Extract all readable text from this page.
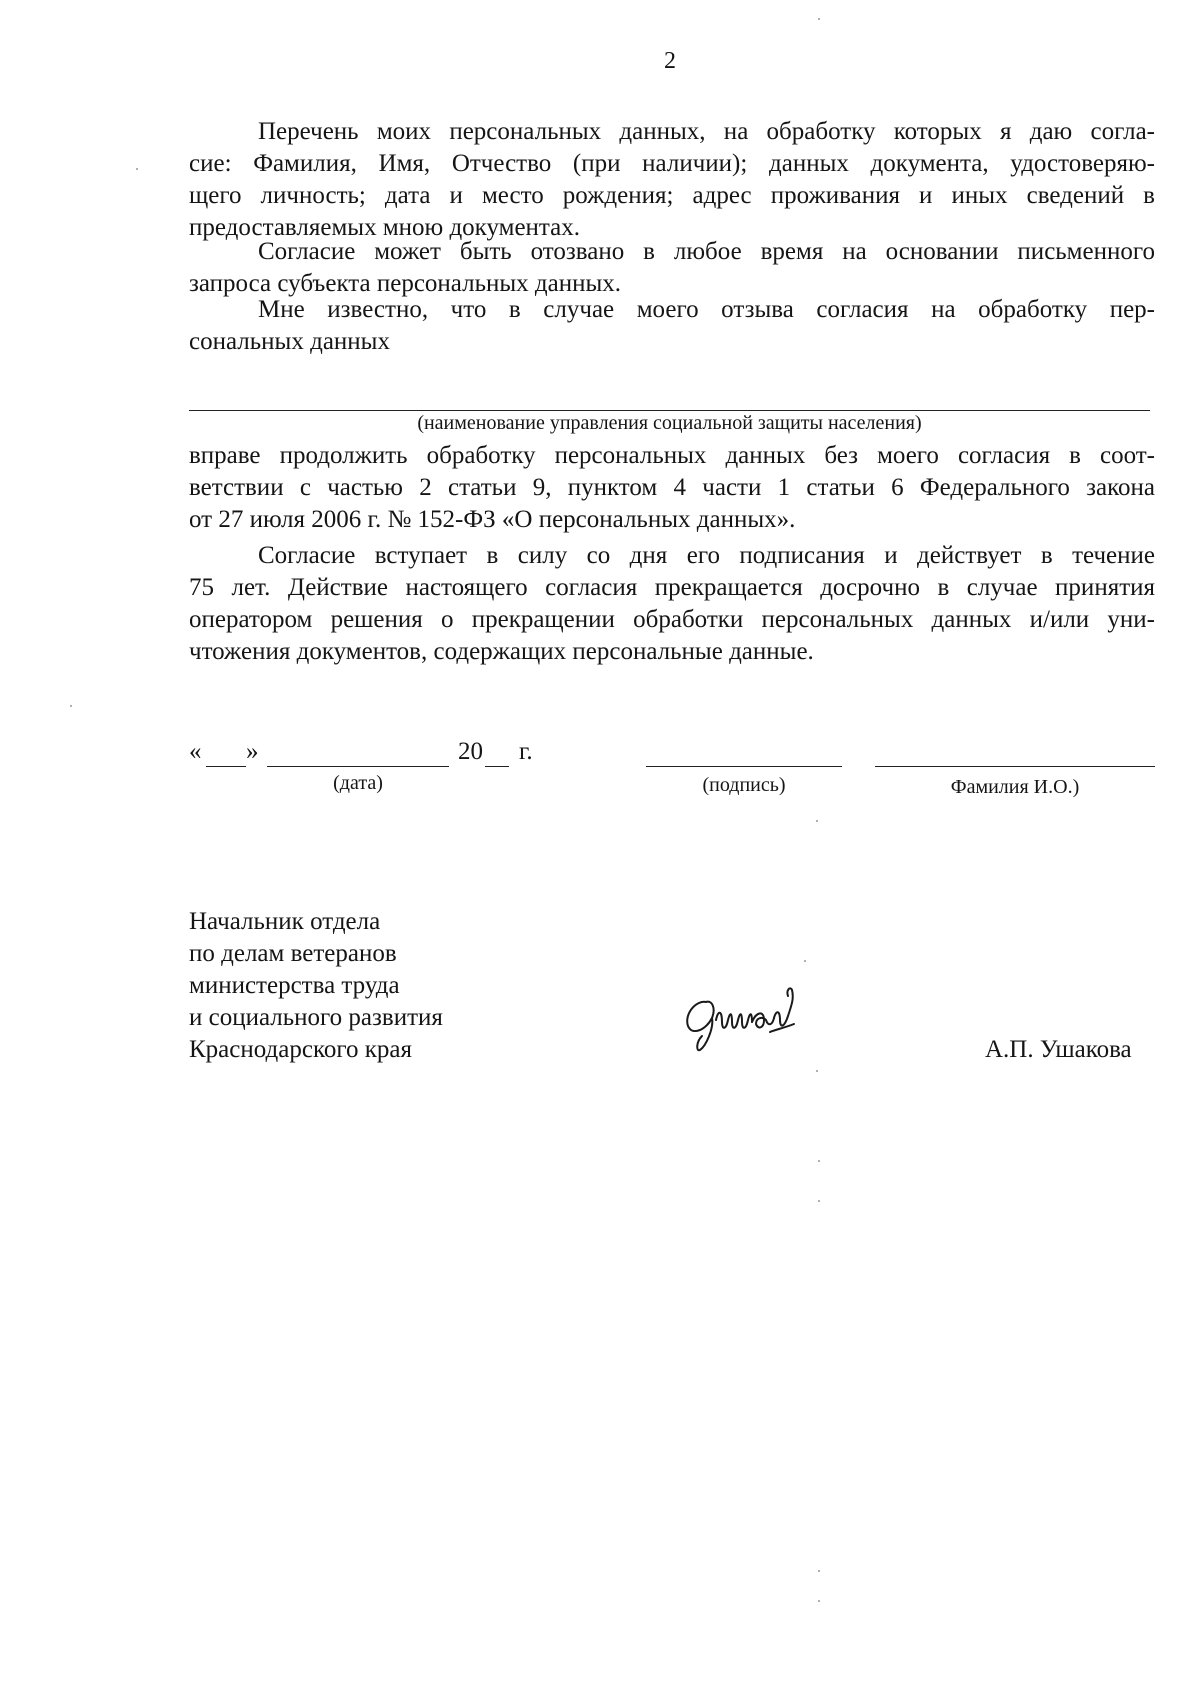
2
Перечень моих персональных данных, на обработку которых я даю согла-
сие: Фамилия, Имя, Отчество (при наличии); данных документа, удостоверяю-
щего личность; дата и место рождения; адрес проживания и иных сведений в
предоставляемых мною документах.
Согласие может быть отозвано в любое время на основании письменного
запроса субъекта персональных данных.
Мне известно, что в случае моего отзыва согласия на обработку пер-
сональных данных
(наименование управления социальной защиты населения)
вправе продолжить обработку персональных данных без моего согласия в соот-
ветствии с частью 2 статьи 9, пунктом 4 части 1 статьи 6 Федерального закона
от 27 июля 2006 г. № 152-ФЗ «О персональных данных».
Согласие вступает в силу со дня его подписания и действует в течение
75 лет. Действие настоящего согласия прекращается досрочно в случае принятия
оператором решения о прекращении обработки персональных данных и/или уни-
чтожения документов, содержащих персональные данные.
« »	20 г.
(дата)	(подпись)	Фамилия И.О.)
Начальник отдела
по делам ветеранов
министерства труда
и социального развития
Краснодарского края	А.П. Ушакова
